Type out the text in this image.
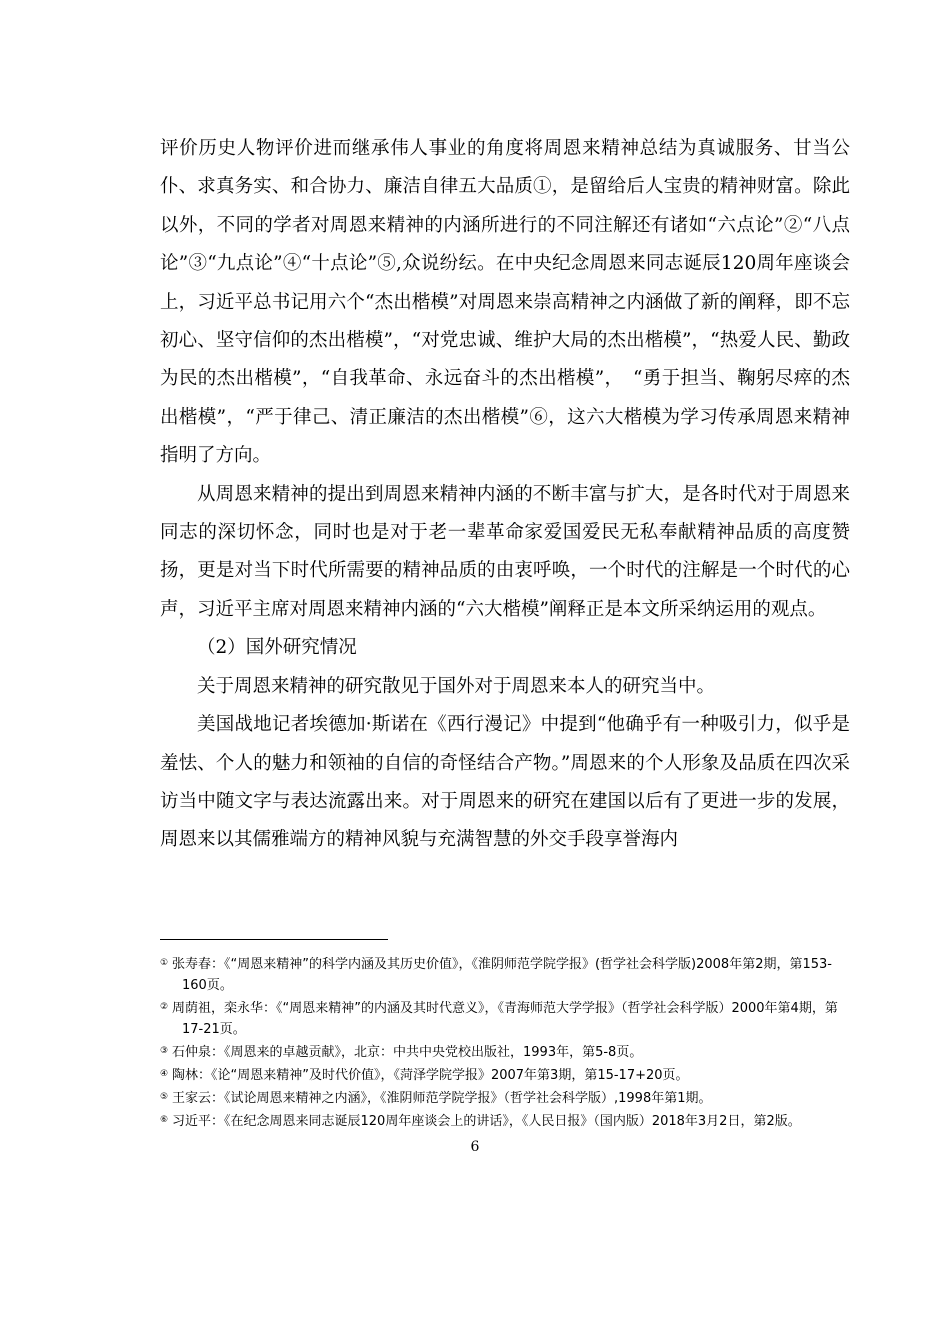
评价历史人物评价进而继承伟人事业的角度将周恩来精神总结为真诚服务、甘当公仆、求真务实、和合协力、廉洁自律五大品质①，是留给后人宝贵的精神财富。除此以外，不同的学者对周恩来精神的内涵所进行的不同注解还有诸如“六点论”②“八点论”③“九点论”④“十点论”⑤,众说纷纭。在中央纪念周恩来同志诞辰120周年座谈会上，习近平总书记用六个“杰出楷模”对周恩来崇高精神之内涵做了新的阐释，即不忘初心、坚守信仰的杰出楷模”，“对党忠诚、维护大局的杰出楷模”，“热爱人民、勤政为民的杰出楷模”，“自我革命、永远奋斗的杰出楷模”，　“勇于担当、鞠躬尽瘁的杰出楷模”，“严于律己、清正廉洁的杰出楷模”⑥，这六大楷模为学习传承周恩来精神指明了方向。

从周恩来精神的提出到周恩来精神内涵的不断丰富与扩大，是各时代对于周恩来同志的深切怀念，同时也是对于老一辈革命家爱国爱民无私奉献精神品质的高度赞扬，更是对当下时代所需要的精神品质的由衷呼唤，一个时代的注解是一个时代的心声，习近平主席对周恩来精神内涵的“六大楷模”阐释正是本文所采纳运用的观点。

（2）国外研究情况

关于周恩来精神的研究散见于国外对于周恩来本人的研究当中。

美国战地记者埃德加·斯诺在《西行漫记》中提到“他确乎有一种吸引力，似乎是羞怯、个人的魅力和领袖的自信的奇怪结合产物。”周恩来的个人形象及品质在四次采访当中随文字与表达流露出来。对于周恩来的研究在建国以后有了更进一步的发展，周恩来以其儒雅端方的精神风貌与充满智慧的外交手段享誉海内

① 张寿春：《“周恩来精神”的科学内涵及其历史价值》，《淮阴师范学院学报》(哲学社会科学版)2008年第2期，第153-160页。

② 周荫祖，栾永华：《“周恩来精神”的内涵及其时代意义》，《青海师范大学学报》（哲学社会科学版）2000年第4期，第17-21页。

③ 石仲泉：《周恩来的卓越贡献》，北京：中共中央党校出版社，1993年，第5-8页。

④ 陶林：《论“周恩来精神”及时代价值》，《菏泽学院学报》2007年第3期，第15-17+20页。

⑤ 王家云：《试论周恩来精神之内涵》，《淮阴师范学院学报》（哲学社会科学版）,1998年第1期。

⑥ 习近平：《在纪念周恩来同志诞辰120周年座谈会上的讲话》，《人民日报》（国内版）2018年3月2日，第2版。

6
